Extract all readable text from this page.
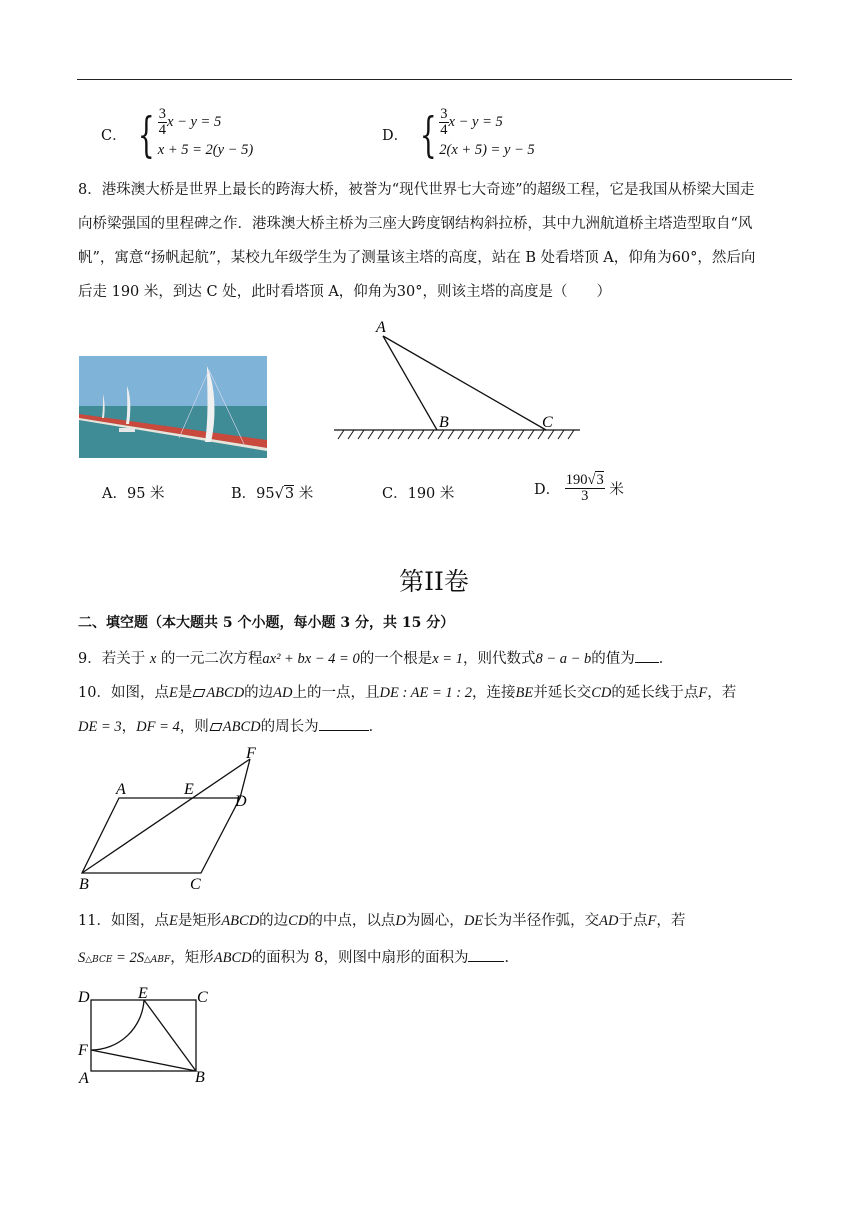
C． { $\frac{3}{4}$ x − y = 5
x + 5 = 2(y − 5)
D． { $\frac{3}{4}$ x − y = 5
2(x + 5) = y − 5
8．港珠澳大桥是世界上最长的跨海大桥，被誉为“现代世界七大奇迹”的超级工程，它是我国从桥梁大国走
向桥梁强国的里程碑之作．港珠澳大桥主桥为三座大跨度钢结构斜拉桥，其中九洲航道桥主塔造型取自“风
帆”，寓意“扬帆起航”，某校九年级学生为了测量该主塔的高度，站在 B 处看塔顶 A，仰角为60°，然后向
后走 190 米，到达 C 处，此时看塔顶 A，仰角为30°，则该主塔的高度是（　　）
A
B	C
A．95 米	B．95√3 米	C．190 米	D． $\frac{190√3}{3}$ 米
第II卷
二、填空题（本大题共 5 个小题，每小题 3 分，共 15 分）
9．若关于 x 的一元二次方程ax² + bx − 4 = 0的一个根是x = 1，则代数式8 − a − b的值为 ．
10．如图，点E是 ABCD的边AD上的一点，且DE : AE = 1 : 2，连接BE并延长交CD的延长线于点F，若
DE = 3，DF = 4，则 ABCD的周长为	．
A	E
D
F
B	C
11．如图，点E是矩形ABCD的边CD的中点，以点D为圆心，DE长为半径作弧，交AD于点F，若
S△BCE = 2S△ABF，矩形ABCD的面积为 8，则图中扇形的面积为 ．
D	E	C
F
A	B
